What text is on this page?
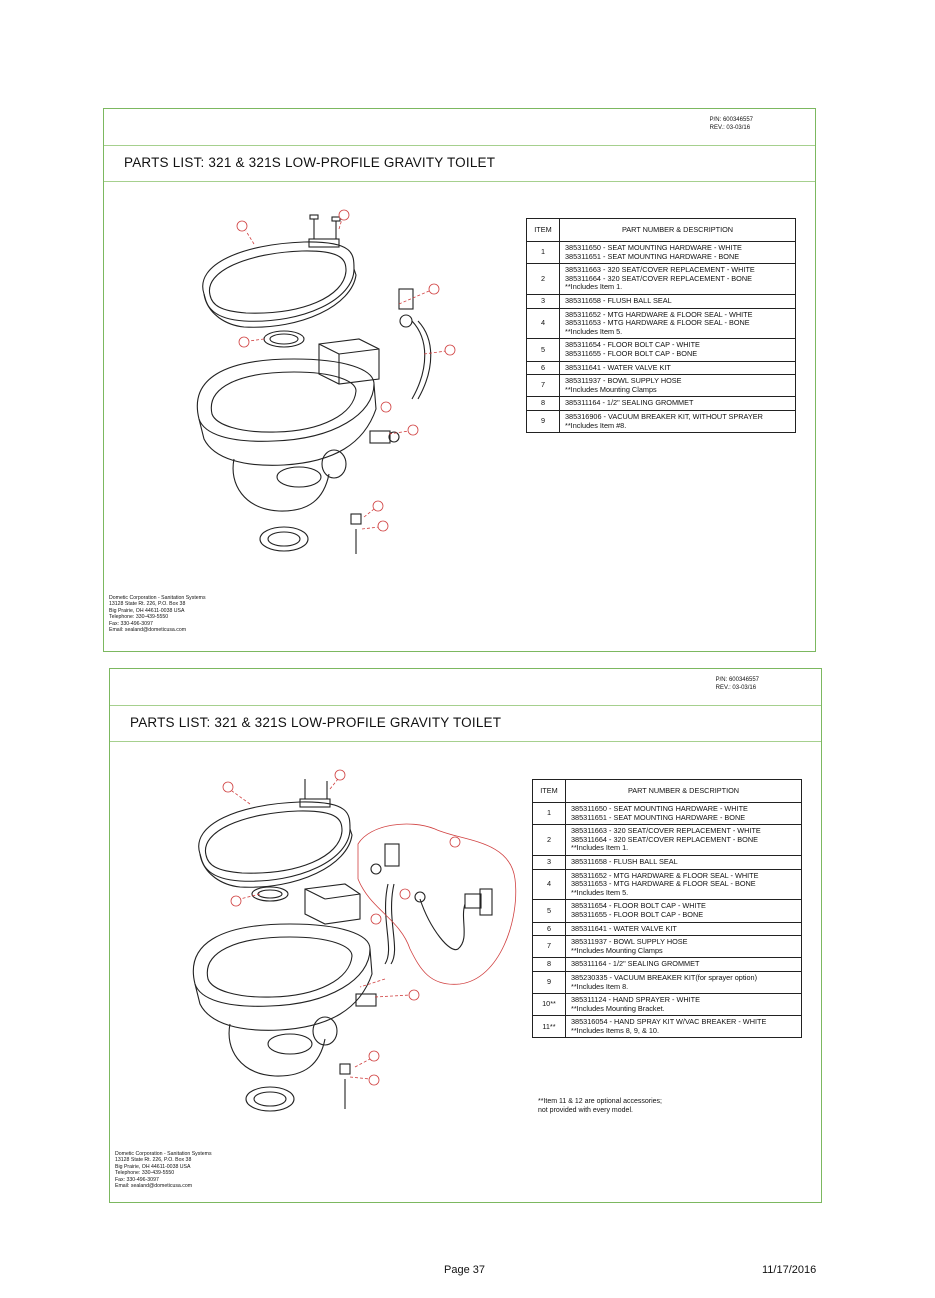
P/N: 600346557
REV.: 03-03/16
PARTS LIST: 321 & 321S LOW-PROFILE GRAVITY TOILET
ITEM	PART NUMBER & DESCRIPTION
1	385311650 - SEAT MOUNTING HARDWARE - WHITE
385311651 - SEAT MOUNTING HARDWARE - BONE
2	385311663 - 320 SEAT/COVER REPLACEMENT - WHITE
385311664 - 320 SEAT/COVER REPLACEMENT - BONE
**Includes Item 1.
3	385311658 - FLUSH BALL SEAL
4	385311652 - MTG HARDWARE & FLOOR SEAL - WHITE
385311653 - MTG HARDWARE & FLOOR SEAL - BONE
**Includes Item 5.
5	385311654 - FLOOR BOLT CAP - WHITE
385311655 - FLOOR BOLT CAP - BONE
6	385311641 - WATER VALVE KIT
7	385311937 - BOWL SUPPLY HOSE
**Includes Mounting Clamps
8	385311164 - 1/2" SEALING GROMMET
9	385316906 - VACUUM BREAKER KIT, WITHOUT SPRAYER
**Includes Item #8.
Dometic Corporation - Sanitation Systems
13128 State Rt. 226, P.O. Box 38
Big Prairie, OH 44611-0038 USA
Telephone: 330-439-5550
Fax: 330-496-3097
Email: sealand@dometicusa.com
P/N: 600346557
REV.: 03-03/16
PARTS LIST: 321 & 321S LOW-PROFILE GRAVITY TOILET
ITEM	PART NUMBER & DESCRIPTION
1	385311650 - SEAT MOUNTING HARDWARE - WHITE
385311651 - SEAT MOUNTING HARDWARE - BONE
2	385311663 - 320 SEAT/COVER REPLACEMENT - WHITE
385311664 - 320 SEAT/COVER REPLACEMENT - BONE
**Includes Item 1.
3	385311658 - FLUSH BALL SEAL
4	385311652 - MTG HARDWARE & FLOOR SEAL - WHITE
385311653 - MTG HARDWARE & FLOOR SEAL - BONE
**Includes Item 5.
5	385311654 - FLOOR BOLT CAP - WHITE
385311655 - FLOOR BOLT CAP - BONE
6	385311641 - WATER VALVE KIT
7	385311937 - BOWL SUPPLY HOSE
**Includes Mounting Clamps
8	385311164 - 1/2" SEALING GROMMET
9	385230335 - VACUUM BREAKER KIT(for sprayer option)
**Includes Item 8.
10**	385311124 - HAND SPRAYER - WHITE
**Includes Mounting Bracket.
11**	385316054 - HAND SPRAY KIT W/VAC BREAKER - WHITE
**Includes Items 8, 9, & 10.
**Item 11 & 12 are optional accessories;
not provided with every model.
Dometic Corporation - Sanitation Systems
13128 State Rt. 226, P.O. Box 38
Big Prairie, OH 44611-0038 USA
Telephone: 330-439-5550
Fax: 330-496-3097
Email: sealand@dometicusa.com
Page 37	11/17/2016
